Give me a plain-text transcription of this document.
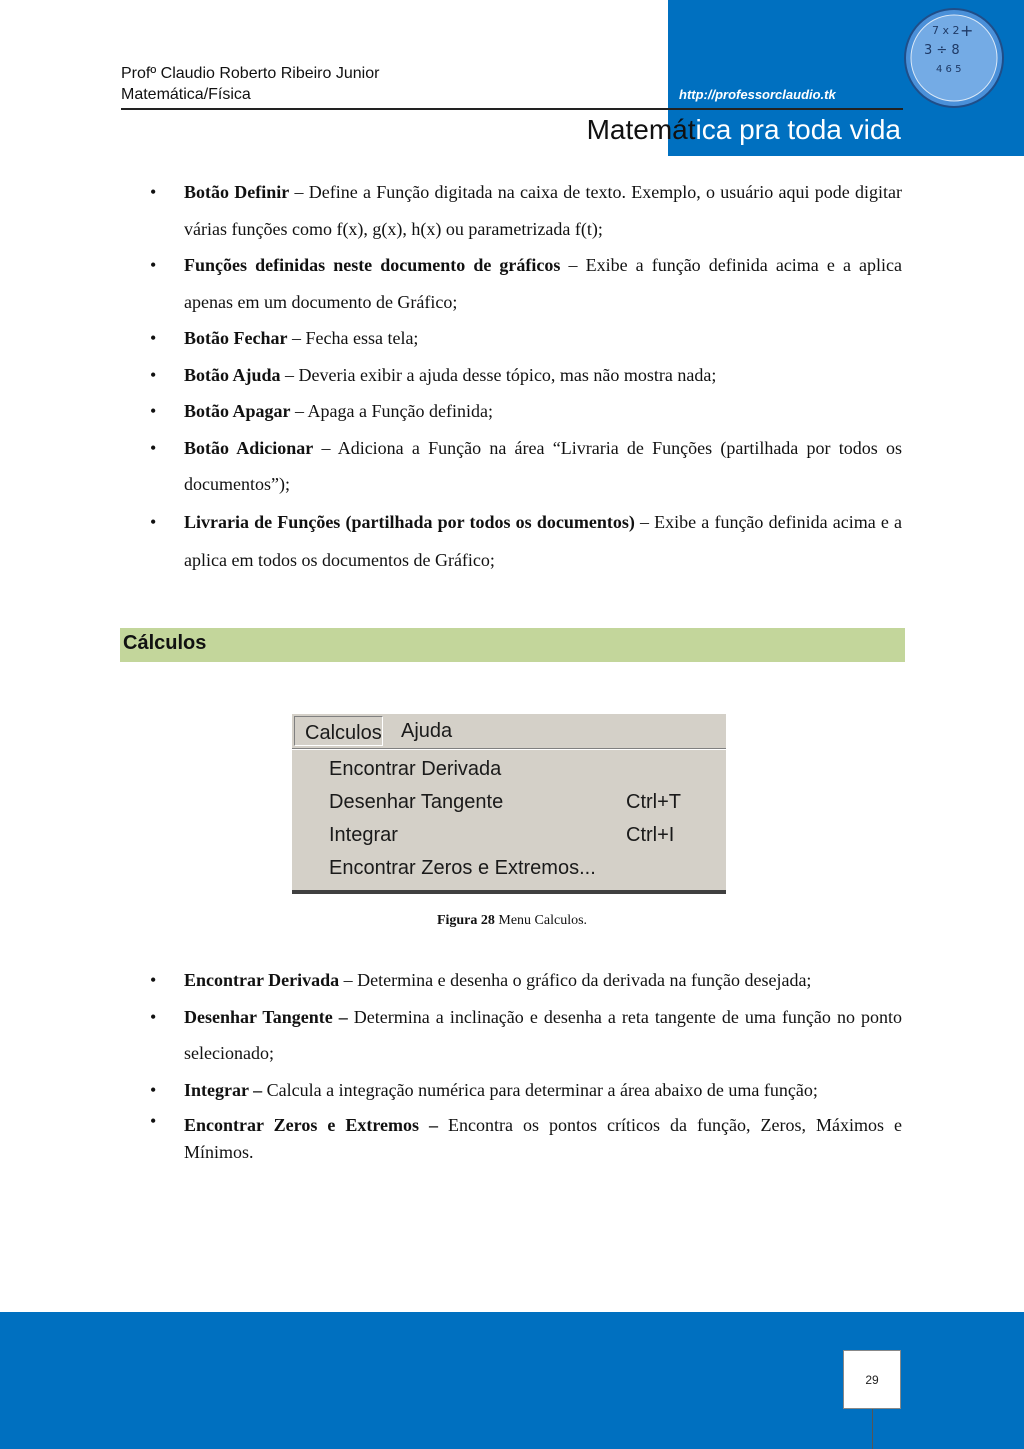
Profº Claudio Roberto Ribeiro Junior
Matemática/Física	http://professorclaudio.tk
Matemática pra toda vida
7 x 2
3 ÷ 8
+
4 6 5
• Botão Definir – Define a Função digitada na caixa de texto. Exemplo, o usuário aqui pode digitar várias funções como f(x), g(x), h(x) ou parametrizada f(t);
• Funções definidas neste documento de gráficos – Exibe a função definida acima e a aplica apenas em um documento de Gráfico;
• Botão Fechar – Fecha essa tela;
• Botão Ajuda – Deveria exibir a ajuda desse tópico, mas não mostra nada;
• Botão Apagar – Apaga a Função definida;
• Botão Adicionar – Adiciona a Função na área “Livraria de Funções (partilhada por todos os documentos”);
• Livraria de Funções (partilhada por todos os documentos) – Exibe a função definida acima e a aplica em todos os documentos de Gráfico;
Cálculos
Calculos Ajuda
Encontrar Derivada
Desenhar Tangente	Ctrl+T
Integrar	Ctrl+I
Encontrar Zeros e Extremos...
Figura 28 Menu Calculos.
• Encontrar Derivada – Determina e desenha o gráfico da derivada na função desejada;
• Desenhar Tangente – Determina a inclinação e desenha a reta tangente de uma função no ponto selecionado;
• Integrar – Calcula a integração numérica para determinar a área abaixo de uma função;
• Encontrar Zeros e Extremos – Encontra os pontos críticos da função, Zeros, Máximos e Mínimos.
29
